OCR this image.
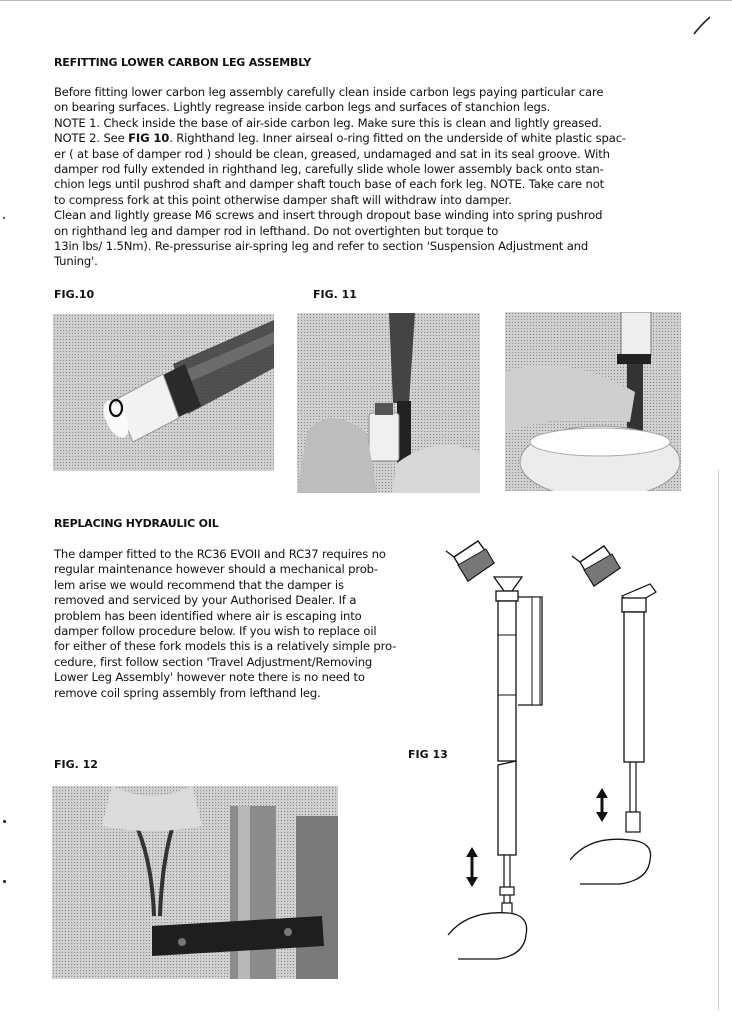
REFITTING LOWER CARBON LEG ASSEMBLY

Before fitting lower carbon leg assembly carefully clean inside carbon legs paying particular care

on bearing surfaces. Lightly regrease inside carbon legs and surfaces of stanchion legs.

NOTE 1. Check inside the base of air-side carbon leg. Make sure this is clean and lightly greased.

NOTE 2. See FIG 10. Righthand leg. Inner airseal o-ring fitted on the underside of white plastic spac-

er ( at base of damper rod ) should be clean, greased, undamaged and sat in its seal groove. With

damper rod fully extended in righthand leg, carefully slide whole lower assembly back onto stan-

chion legs until pushrod shaft and damper shaft touch base of each fork leg. NOTE. Take care not

to compress fork at this point otherwise damper shaft will withdraw into damper.

Clean and lightly grease M6 screws and insert through dropout base winding into spring pushrod

on righthand leg and damper rod in lefthand. Do not overtighten but torque to

13in lbs/ 1.5Nm). Re-pressurise air-spring leg and refer to section 'Suspension Adjustment and

Tuning'.

FIG.10	FIG. 11
REPLACING HYDRAULIC OIL

The damper fitted to the RC36 EVOII and RC37 requires no

regular maintenance however should a mechanical prob-

lem arise we would recommend that the damper is

removed and serviced by your Authorised Dealer. If a

problem has been identified where air is escaping into

damper follow procedure below. If you wish to replace oil

for either of these fork models this is a relatively simple pro-

cedure, first follow section 'Travel Adjustment/Removing

Lower Leg Assembly' however note there is no need to

remove coil spring assembly from lefthand leg.

FIG. 12
FIG 13
